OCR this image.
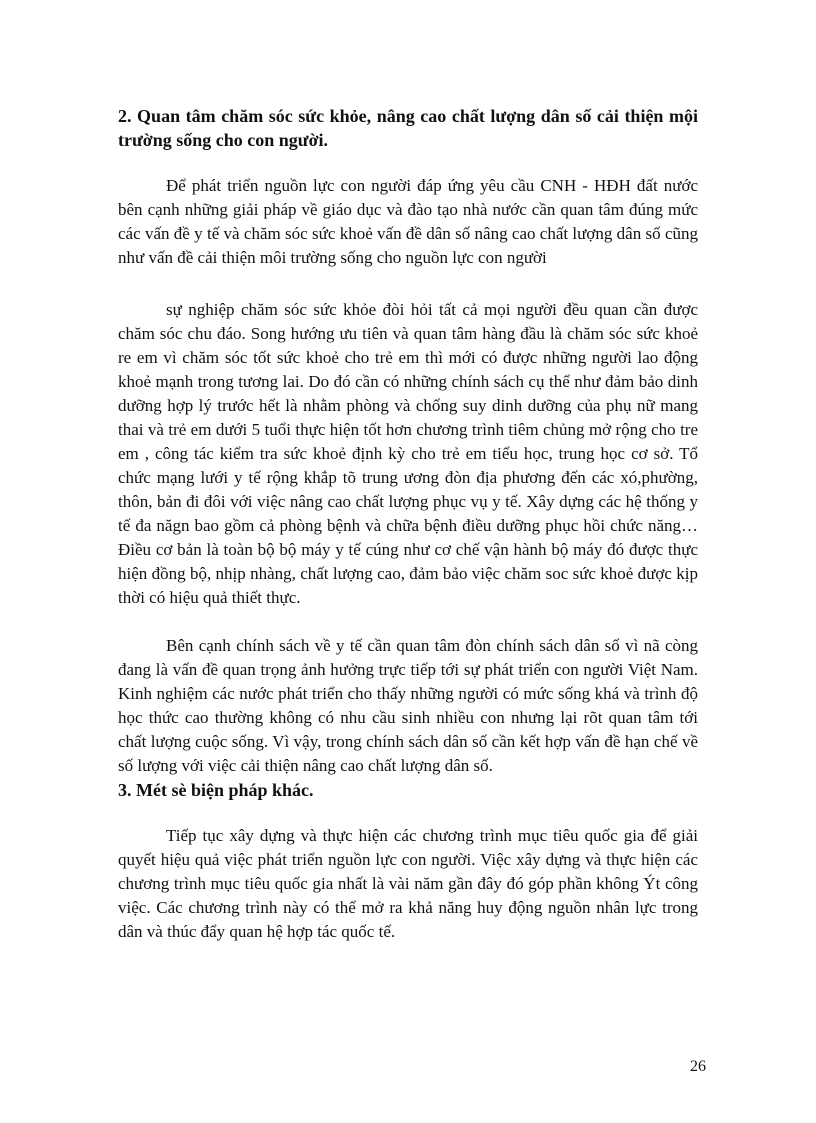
2. Quan tâm chăm sóc sức khỏe, nâng cao chất lượng dân số cải thiện mội trường sống cho con người.

Để phát triển nguồn lực con người đáp ứng yêu cầu CNH - HĐH đất nước bên cạnh những giải pháp về giáo dục và đào tạo nhà nước cần quan tâm đúng mức các vấn đề y tế và chăm sóc sức khoẻ vấn đề dân số nâng cao chất lượng dân số cũng như vấn đề cải thiện môi trường sống cho nguồn lực con người

sự nghiệp chăm sóc sức khỏe đòi hỏi tất cả mọi người đều quan cần được chăm sóc chu đáo. Song hướng ưu tiên và quan tâm hàng đầu là chăm sóc sức khoẻ re em vì chăm sóc tốt sức khoẻ cho trẻ em thì mới có được những người lao động khoẻ mạnh trong tương lai. Do đó cần có những chính sách cụ thể như đảm bảo dinh dưỡng hợp lý trước hết là nhằm phòng và chống suy dinh dưỡng của phụ nữ mang thai và trẻ em dưới 5 tuổi thực hiện tốt hơn chương trình tiêm chủng mở rộng cho tre em , công tác kiểm tra sức khoẻ định kỳ cho trẻ em tiểu học, trung học cơ sở. Tổ chức mạng lưới y tế rộng khắp tõ trung ương đòn địa phương đến các xó,phường, thôn, bản đi đôi với việc nâng cao chất lượng phục vụ y tế. Xây dựng các hệ thống y tế đa năgn bao gồm cả phòng bệnh và chữa bệnh điều dưỡng phục hồi chức năng… Điều cơ bản là toàn bộ bộ máy y tế cúng như cơ chế vận hành bộ máy đó được thực hiện đồng bộ, nhịp nhàng, chất lượng cao, đảm bảo việc chăm soc sức khoẻ được kịp thời có hiệu quả thiết thực.

Bên cạnh chính sách về y tế cần quan tâm đòn chính sách dân số vì nã còng đang là vấn đề quan trọng ảnh hưởng trực tiếp tới sự phát triển con người Việt Nam. Kinh nghiệm các nước phát triển cho thấy những người có mức sống khá và trình độ học thức cao thường không có nhu cầu sinh nhiều con nhưng lại rõt quan tâm tới chất lượng cuộc sống. Vì vậy, trong chính sách dân số cần kết hợp vấn đề hạn chế về số lượng với việc cải thiện nâng cao chất lượng dân số.

3. Mét sè biện pháp khác.

Tiếp tục xây dựng và thực hiện các chương trình mục tiêu quốc gia để giải quyết hiệu quả việc phát triển nguồn lực con người. Việc xây dựng và thực hiện các chương trình mục tiêu quốc gia nhất là vài năm gần đây đó góp phần không Ýt công việc. Các chương trình này có thể mở ra khả năng huy động nguồn nhân lực trong dân và thúc đẩy quan hệ hợp tác quốc tế.

26
